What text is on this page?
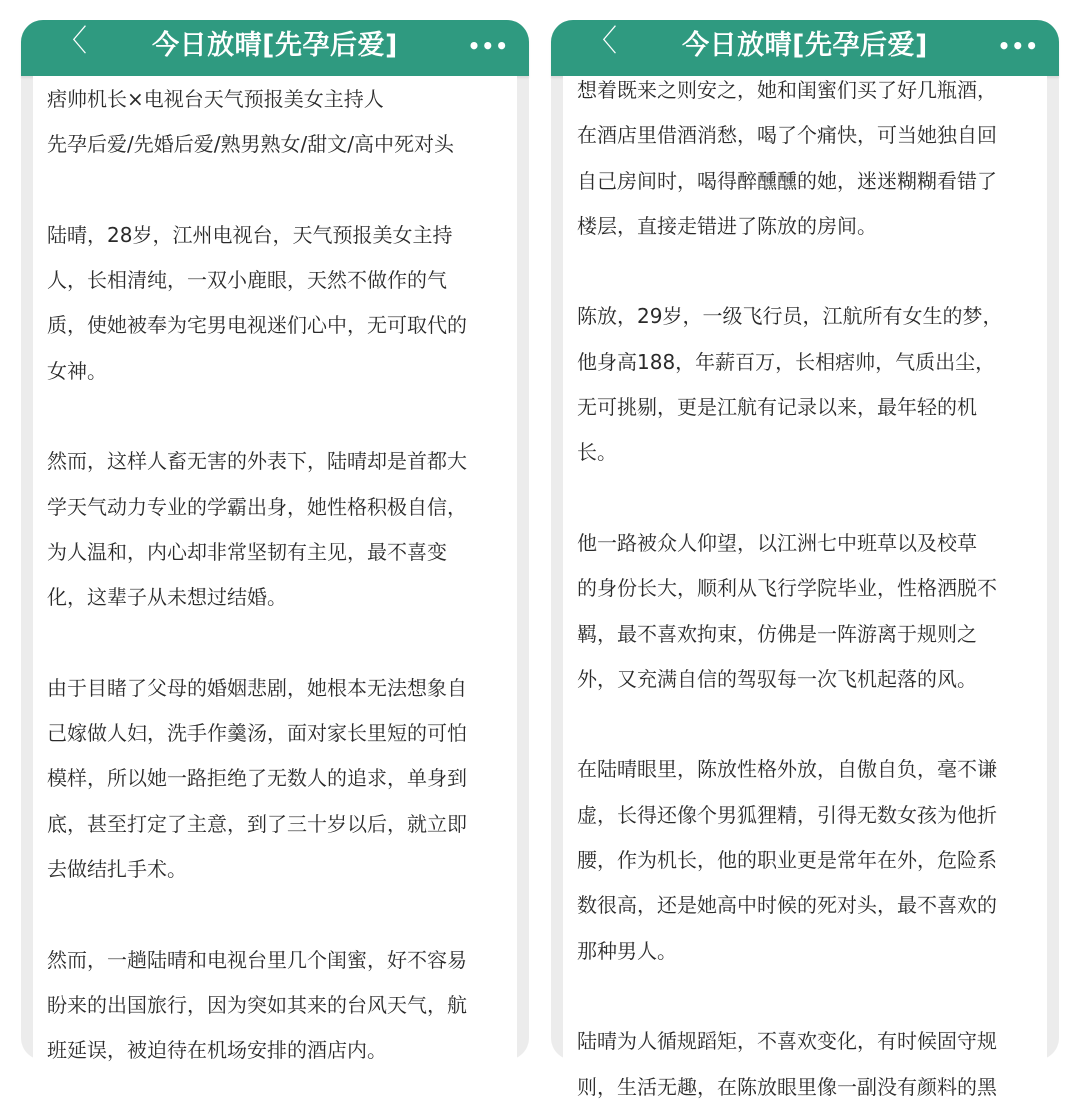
〈	今日放晴[先孕后爱]	•••
痞帅机长×电视台天气预报美女主持人
先孕后爱/先婚后爱/熟男熟女/甜文/高中死对头
陆晴，28岁，江州电视台，天气预报美女主持
人，长相清纯，一双小鹿眼，天然不做作的气
质，使她被奉为宅男电视迷们心中，无可取代的
女神。
然而，这样人畜无害的外表下，陆晴却是首都大
学天气动力专业的学霸出身，她性格积极自信，
为人温和，内心却非常坚韧有主见，最不喜变
化，这辈子从未想过结婚。
由于目睹了父母的婚姻悲剧，她根本无法想象自
己嫁做人妇，洗手作羹汤，面对家长里短的可怕
模样，所以她一路拒绝了无数人的追求，单身到
底，甚至打定了主意，到了三十岁以后，就立即
去做结扎手术。
然而，一趟陆晴和电视台里几个闺蜜，好不容易
盼来的出国旅行，因为突如其来的台风天气，航
班延误，被迫待在机场安排的酒店内。
〈	今日放晴[先孕后爱]	•••
想着既来之则安之，她和闺蜜们买了好几瓶酒，
在酒店里借酒消愁，喝了个痛快，可当她独自回
自己房间时，喝得醉醺醺的她，迷迷糊糊看错了
楼层，直接走错进了陈放的房间。
陈放，29岁，一级飞行员，江航所有女生的梦，
他身高188，年薪百万，长相痞帅，气质出尘，
无可挑剔，更是江航有记录以来，最年轻的机
长。
他一路被众人仰望，以江洲七中班草以及校草
的身份长大，顺利从飞行学院毕业，性格洒脱不
羁，最不喜欢拘束，仿佛是一阵游离于规则之
外，又充满自信的驾驭每一次飞机起落的风。
在陆晴眼里，陈放性格外放，自傲自负，毫不谦
虚，长得还像个男狐狸精，引得无数女孩为他折
腰，作为机长，他的职业更是常年在外，危险系
数很高，还是她高中时候的死对头，最不喜欢的
那种男人。
陆晴为人循规蹈矩，不喜欢变化，有时候固守规
则，生活无趣，在陈放眼里像一副没有颜料的黑
